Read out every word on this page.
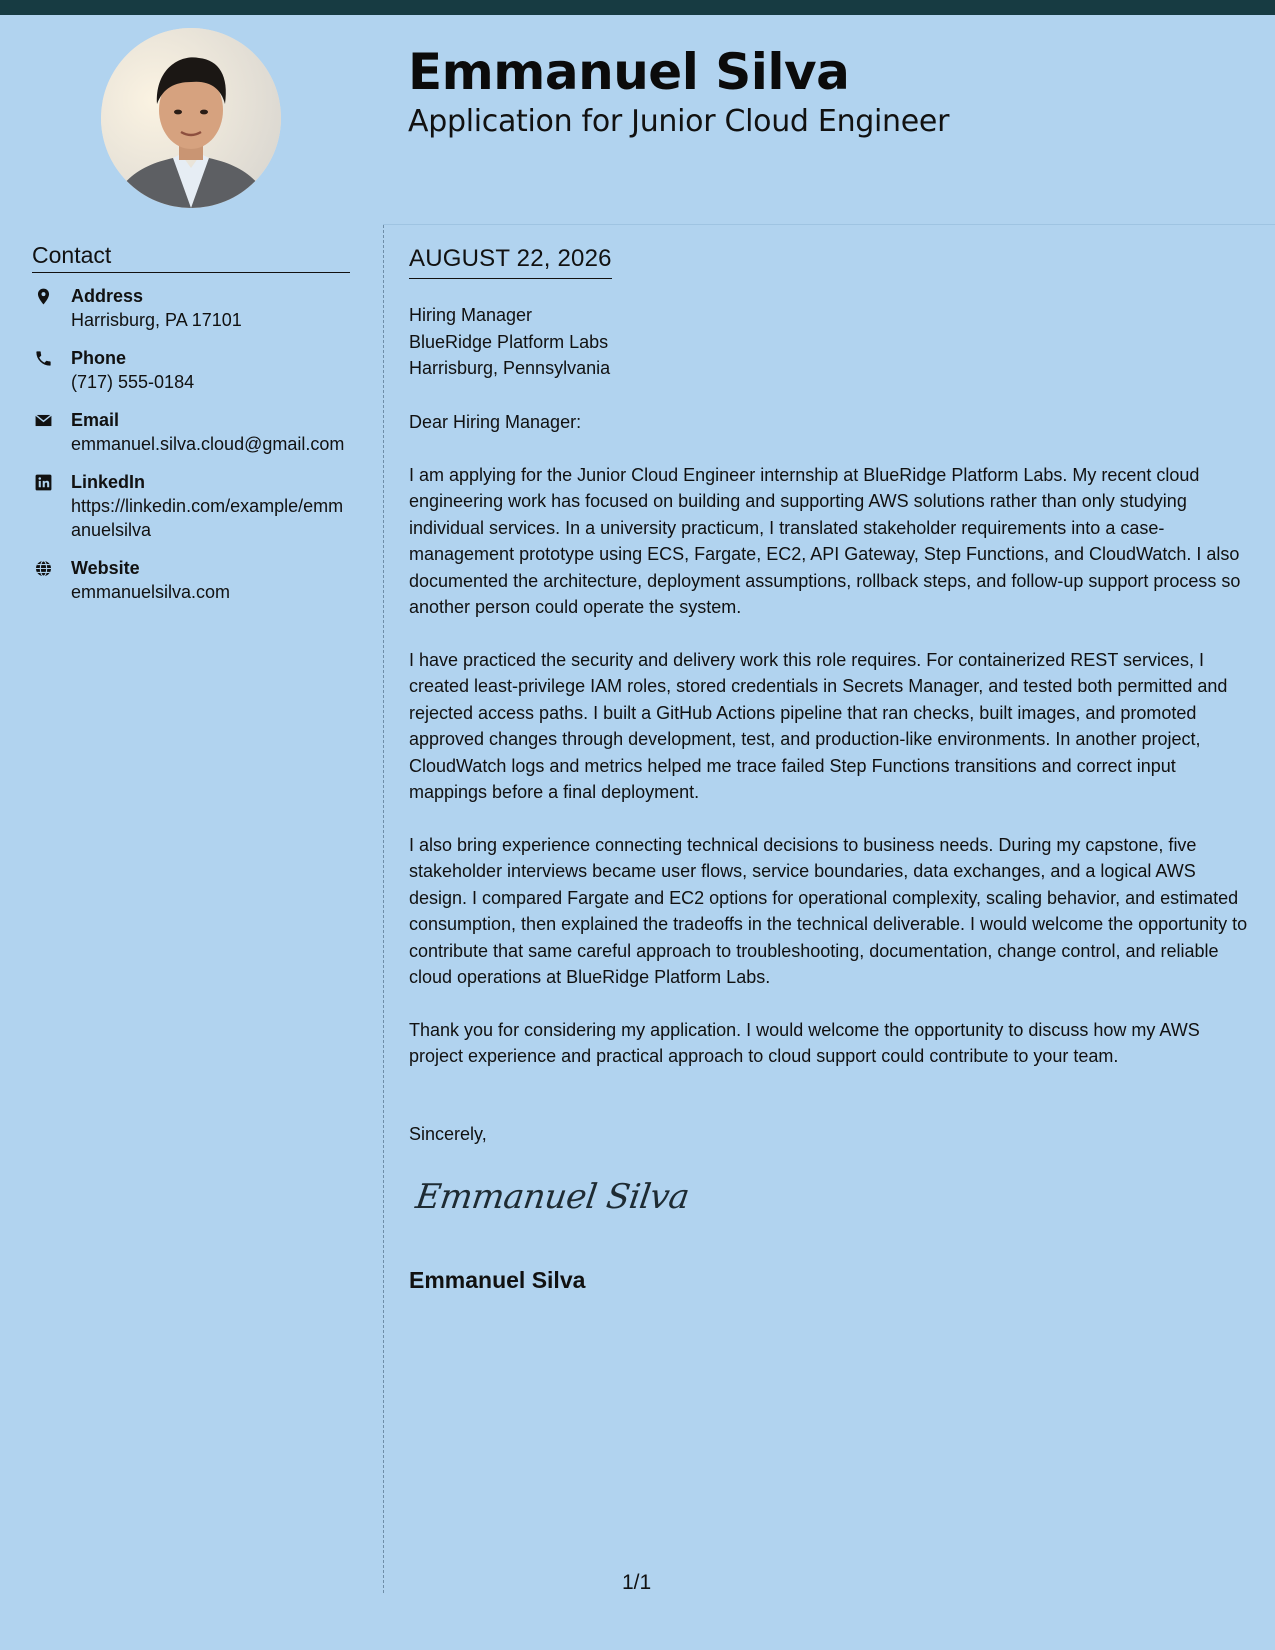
Emmanuel Silva
Application for Junior Cloud Engineer
Contact
Address
Harrisburg, PA 17101
Phone
(717) 555-0184
Email
emmanuel.silva.cloud@gmail.com
LinkedIn
https://linkedin.com/example/emmanuelsilva
Website
emmanuelsilva.com
AUGUST 22, 2026
Hiring Manager
BlueRidge Platform Labs
Harrisburg, Pennsylvania

Dear Hiring Manager:

I am applying for the Junior Cloud Engineer internship at BlueRidge Platform Labs. My recent cloud engineering work has focused on building and supporting AWS solutions rather than only studying individual services. In a university practicum, I translated stakeholder requirements into a case-management prototype using ECS, Fargate, EC2, API Gateway, Step Functions, and CloudWatch. I also documented the architecture, deployment assumptions, rollback steps, and follow-up support process so another person could operate the system.

I have practiced the security and delivery work this role requires. For containerized REST services, I created least-privilege IAM roles, stored credentials in Secrets Manager, and tested both permitted and rejected access paths. I built a GitHub Actions pipeline that ran checks, built images, and promoted approved changes through development, test, and production-like environments. In another project, CloudWatch logs and metrics helped me trace failed Step Functions transitions and correct input mappings before a final deployment.

I also bring experience connecting technical decisions to business needs. During my capstone, five stakeholder interviews became user flows, service boundaries, data exchanges, and a logical AWS design. I compared Fargate and EC2 options for operational complexity, scaling behavior, and estimated consumption, then explained the tradeoffs in the technical deliverable. I would welcome the opportunity to contribute that same careful approach to troubleshooting, documentation, change control, and reliable cloud operations at BlueRidge Platform Labs.

Thank you for considering my application. I would welcome the opportunity to discuss how my AWS project experience and practical approach to cloud support could contribute to your team.

Sincerely,
Emmanuel Silva
Emmanuel Silva
1/1
